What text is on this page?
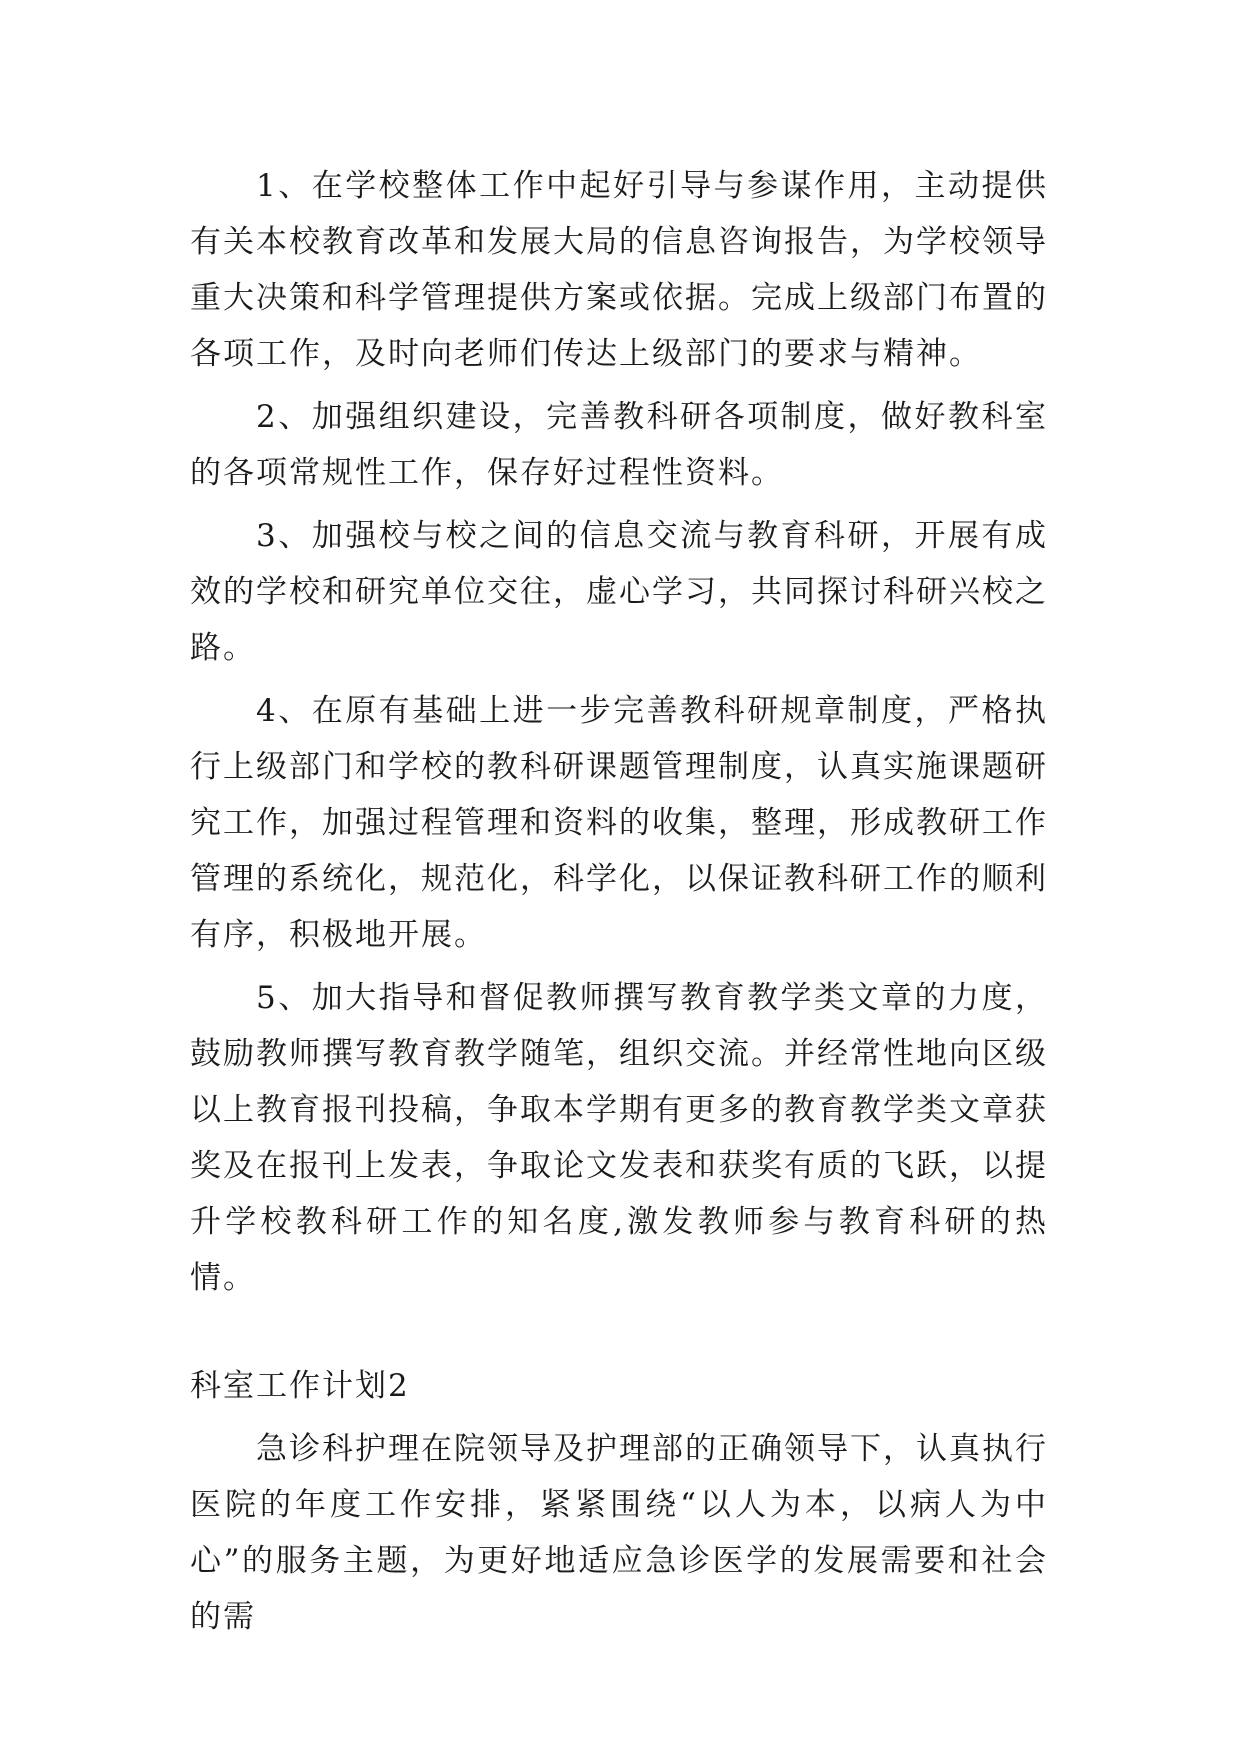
1、在学校整体工作中起好引导与参谋作用，主动提供有关本校教育改革和发展大局的信息咨询报告，为学校领导重大决策和科学管理提供方案或依据。完成上级部门布置的各项工作，及时向老师们传达上级部门的要求与精神。

2、加强组织建设，完善教科研各项制度，做好教科室的各项常规性工作，保存好过程性资料。

3、加强校与校之间的信息交流与教育科研，开展有成效的学校和研究单位交往，虚心学习，共同探讨科研兴校之路。

4、在原有基础上进一步完善教科研规章制度，严格执行上级部门和学校的教科研课题管理制度，认真实施课题研究工作，加强过程管理和资料的收集，整理，形成教研工作管理的系统化，规范化，科学化，以保证教科研工作的顺利有序，积极地开展。

5、加大指导和督促教师撰写教育教学类文章的力度，鼓励教师撰写教育教学随笔，组织交流。并经常性地向区级以上教育报刊投稿，争取本学期有更多的教育教学类文章获奖及在报刊上发表，争取论文发表和获奖有质的飞跃，以提升学校教科研工作的知名度,激发教师参与教育科研的热情。

科室工作计划2

急诊科护理在院领导及护理部的正确领导下，认真执行医院的年度工作安排，紧紧围绕“以人为本，以病人为中心”的服务主题，为更好地适应急诊医学的发展需要和社会的需
